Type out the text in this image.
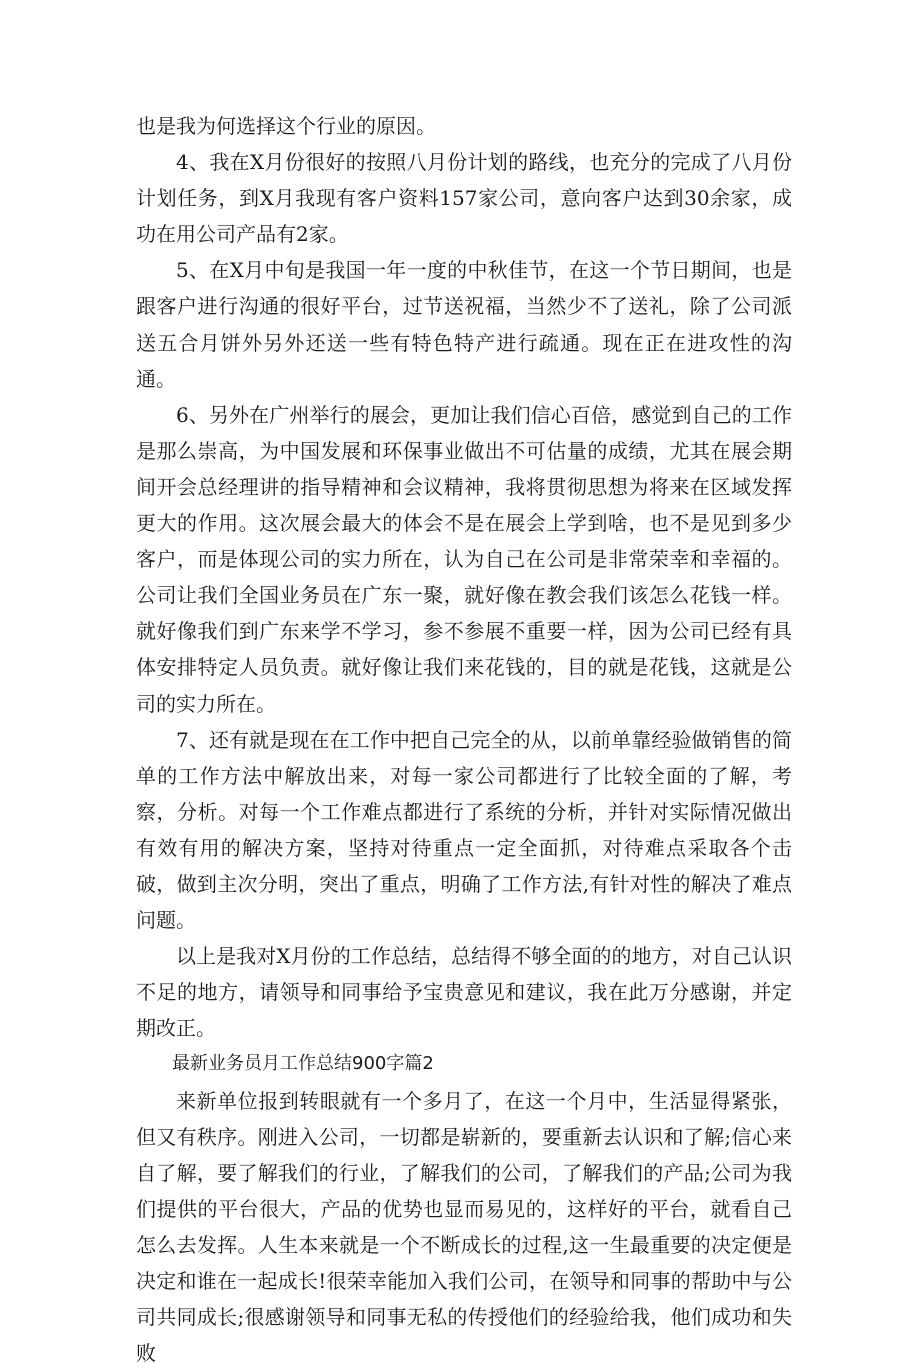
也是我为何选择这个行业的原因。

4、我在X月份很好的按照八月份计划的路线，也充分的完成了八月份计划任务，到X月我现有客户资料157家公司，意向客户达到30余家，成功在用公司产品有2家。

5、在X月中旬是我国一年一度的中秋佳节，在这一个节日期间，也是跟客户进行沟通的很好平台，过节送祝福，当然少不了送礼，除了公司派送五合月饼外另外还送一些有特色特产进行疏通。现在正在进攻性的沟通。

6、另外在广州举行的展会，更加让我们信心百倍，感觉到自己的工作是那么崇高，为中国发展和环保事业做出不可估量的成绩，尤其在展会期间开会总经理讲的指导精神和会议精神，我将贯彻思想为将来在区域发挥更大的作用。这次展会最大的体会不是在展会上学到啥，也不是见到多少客户，而是体现公司的实力所在，认为自己在公司是非常荣幸和幸福的。公司让我们全国业务员在广东一聚，就好像在教会我们该怎么花钱一样。就好像我们到广东来学不学习，参不参展不重要一样，因为公司已经有具体安排特定人员负责。就好像让我们来花钱的，目的就是花钱，这就是公司的实力所在。

7、还有就是现在在工作中把自己完全的从，以前单靠经验做销售的简单的工作方法中解放出来，对每一家公司都进行了比较全面的了解，考察，分析。对每一个工作难点都进行了系统的分析，并针对实际情况做出有效有用的解决方案，坚持对待重点一定全面抓，对待难点采取各个击破，做到主次分明，突出了重点，明确了工作方法,有针对性的解决了难点问题。

以上是我对X月份的工作总结，总结得不够全面的的地方，对自己认识不足的地方，请领导和同事给予宝贵意见和建议，我在此万分感谢，并定期改正。

最新业务员月工作总结900字篇2

来新单位报到转眼就有一个多月了，在这一个月中，生活显得紧张，但又有秩序。刚进入公司，一切都是崭新的，要重新去认识和了解;信心来自了解，要了解我们的行业，了解我们的公司，了解我们的产品;公司为我们提供的平台很大，产品的优势也显而易见的，这样好的平台，就看自己怎么去发挥。人生本来就是一个不断成长的过程,这一生最重要的决定便是决定和谁在一起成长!很荣幸能加入我们公司，在领导和同事的帮助中与公司共同成长;很感谢领导和同事无私的传授他们的经验给我，他们成功和失败
